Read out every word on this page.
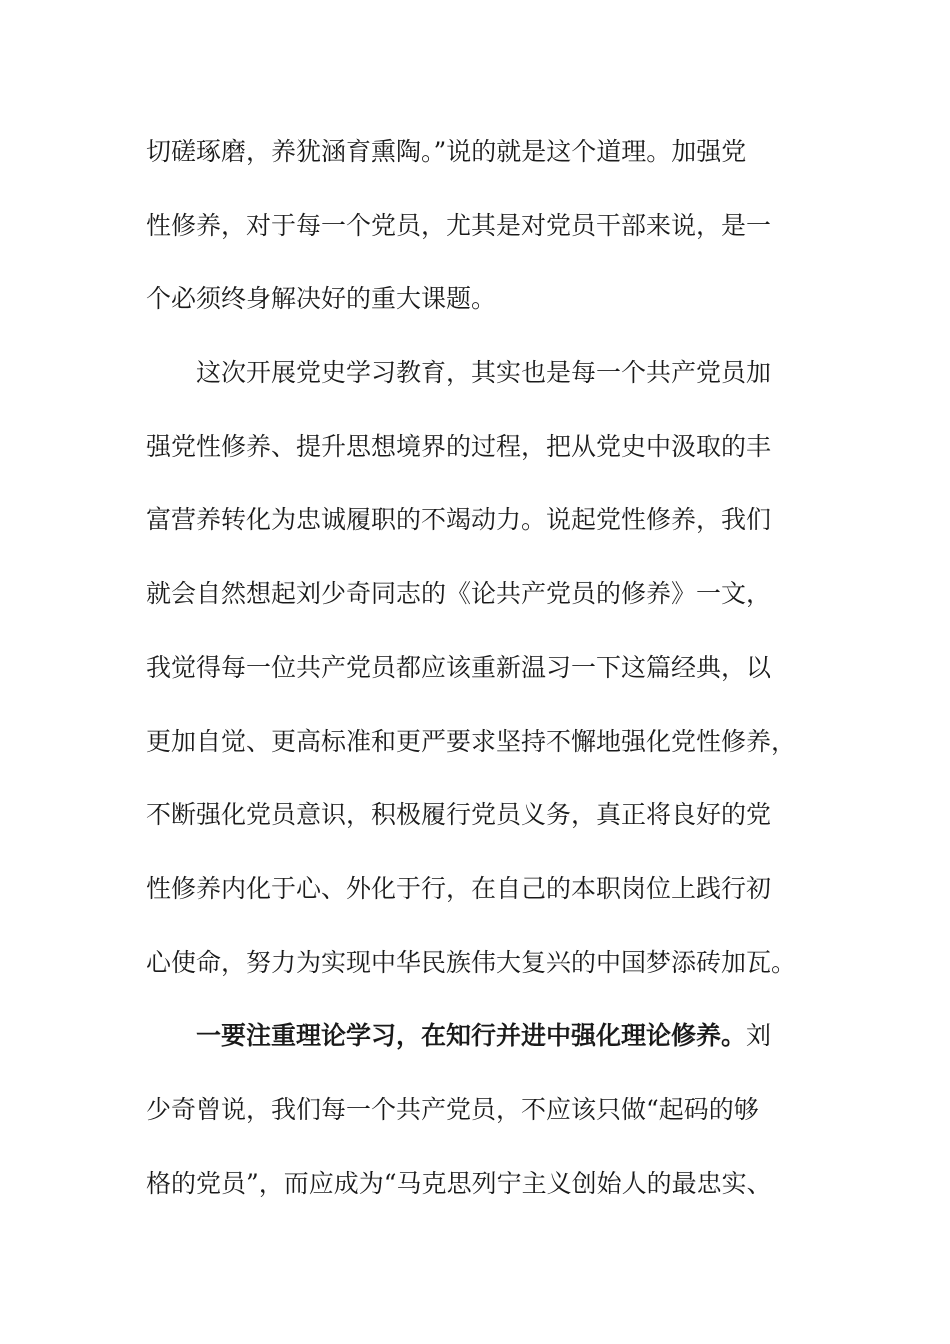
切磋琢磨，养犹涵育熏陶。”说的就是这个道理。加强党
性修养，对于每一个党员，尤其是对党员干部来说，是一
个必须终身解决好的重大课题。
这次开展党史学习教育，其实也是每一个共产党员加
强党性修养、提升思想境界的过程，把从党史中汲取的丰
富营养转化为忠诚履职的不竭动力。说起党性修养，我们
就会自然想起刘少奇同志的《论共产党员的修养》一文，
我觉得每一位共产党员都应该重新温习一下这篇经典，以
更加自觉、更高标准和更严要求坚持不懈地强化党性修养，
不断强化党员意识，积极履行党员义务，真正将良好的党
性修养内化于心、外化于行，在自己的本职岗位上践行初
心使命，努力为实现中华民族伟大复兴的中国梦添砖加瓦。
一要注重理论学习，在知行并进中强化理论修养。刘
少奇曾说，我们每一个共产党员，不应该只做“起码的够
格的党员”，而应成为“马克思列宁主义创始人的最忠实、
